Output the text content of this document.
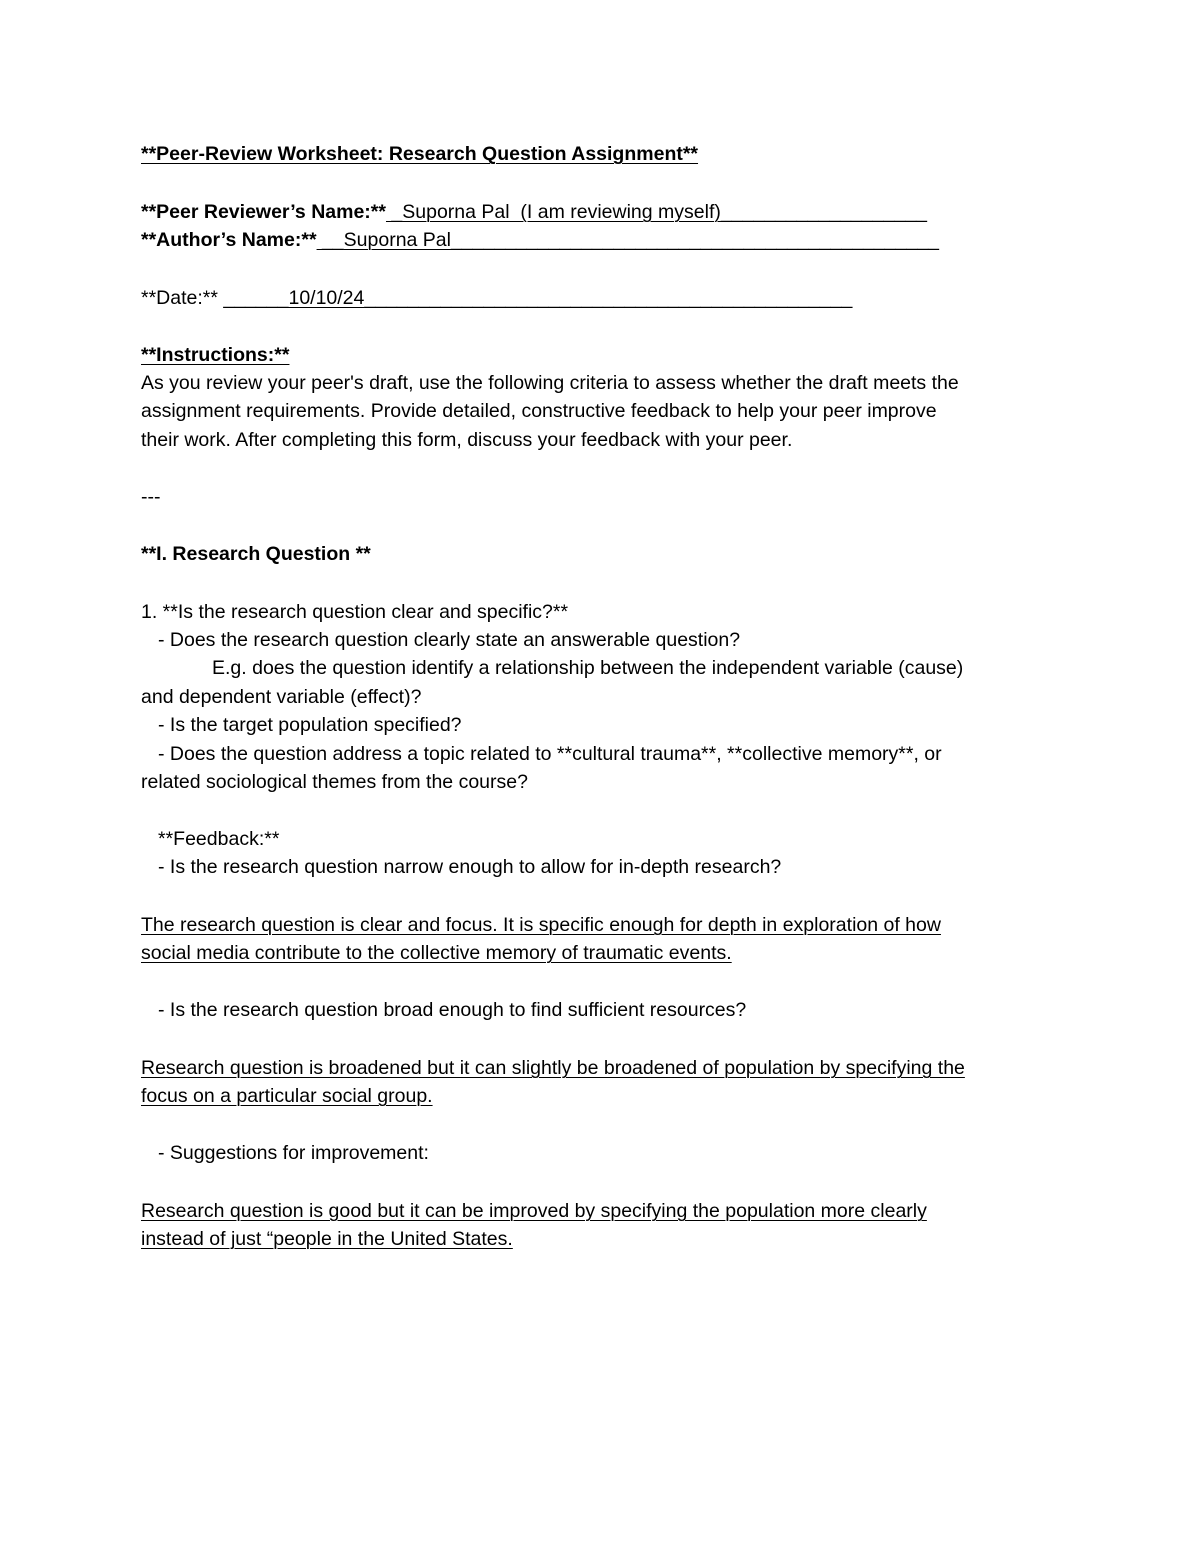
**Peer-Review Worksheet: Research Question Assignment**
**Peer Reviewer’s Name:** _Suporna Pal  (I am reviewing myself)___________________
**Author’s Name:** __Suporna Pal_____________________________________________
**Date:** ______10/10/24_____________________________________________
**Instructions:**
As you review your peer's draft, use the following criteria to assess whether the draft meets the
assignment requirements. Provide detailed, constructive feedback to help your peer improve
their work. After completing this form, discuss your feedback with your peer.
---
**I. Research Question **
1. **Is the research question clear and specific?**
- Does the research question clearly state an answerable question?
E.g. does the question identify a relationship between the independent variable (cause)
and dependent variable (effect)?
- Is the target population specified?
- Does the question address a topic related to **cultural trauma**, **collective memory**, or
related sociological themes from the course?
**Feedback:**
- Is the research question narrow enough to allow for in-depth research?
The research question is clear and focus. It is specific enough for depth in exploration of how
social media contribute to the collective memory of traumatic events.
- Is the research question broad enough to find sufficient resources?
Research question is broadened but it can slightly be broadened of population by specifying the
focus on a particular social group.
- Suggestions for improvement:
Research question is good but it can be improved by specifying the population more clearly
instead of just “people in the United States.
